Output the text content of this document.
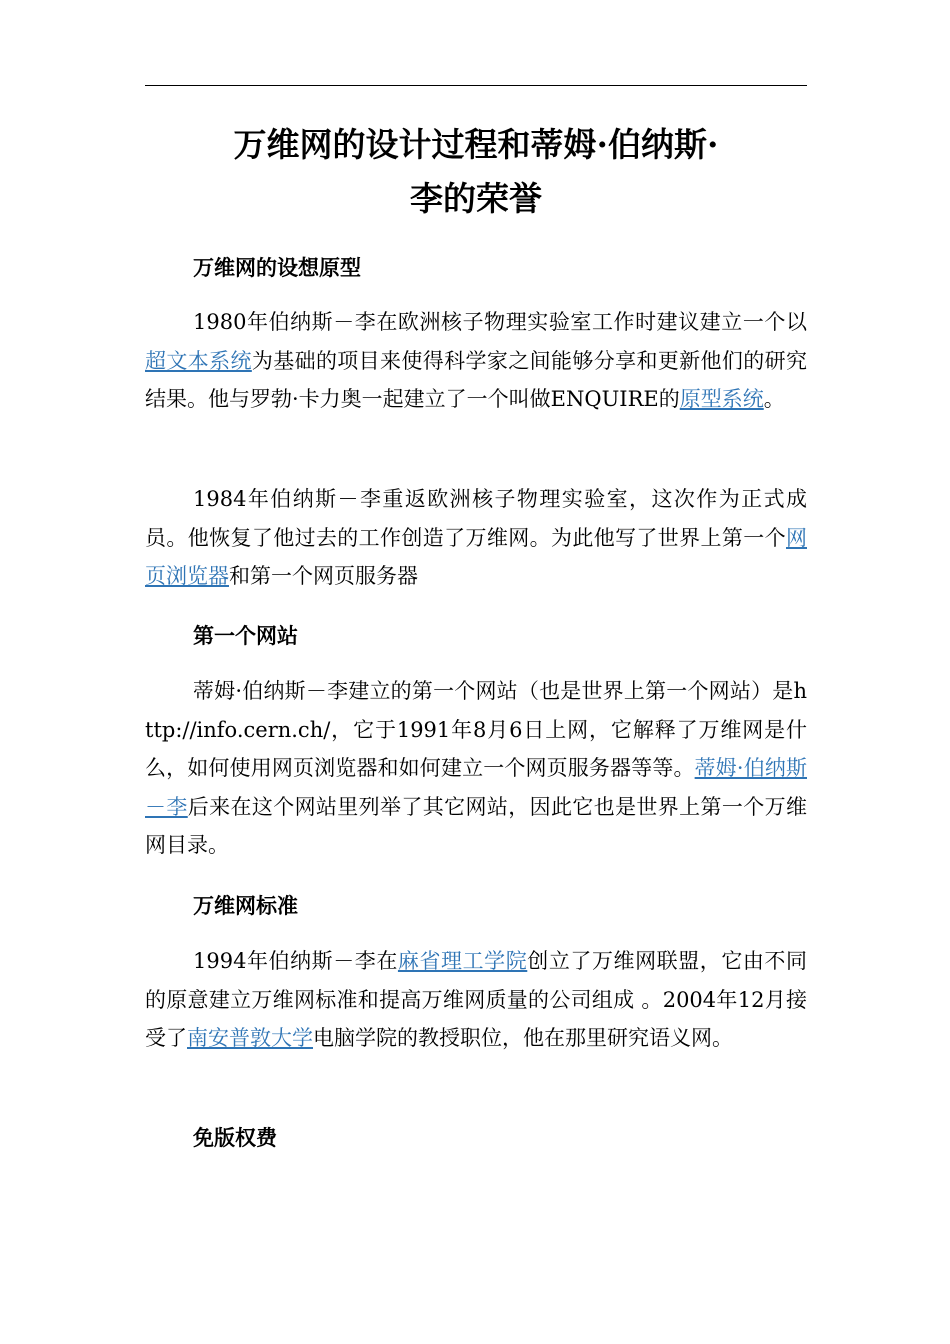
万维网的设计过程和蒂姆·伯纳斯·
李的荣誉
万维网的设想原型

1980年伯纳斯－李在欧洲核子物理实验室工作时建议建立一个以超文本系统为基础的项目来使得科学家之间能够分享和更新他们的研究结果。他与罗勃·卡力奥一起建立了一个叫做ENQUIRE的原型系统。

1984年伯纳斯－李重返欧洲核子物理实验室，这次作为正式成员。他恢复了他过去的工作创造了万维网。为此他写了世界上第一个网页浏览器和第一个网页服务器

第一个网站

蒂姆·伯纳斯－李建立的第一个网站（也是世界上第一个网站）是http://info.cern.ch/，它于1991年8月6日上网，它解释了万维网是什么，如何使用网页浏览器和如何建立一个网页服务器等等。蒂姆·伯纳斯－李后来在这个网站里列举了其它网站，因此它也是世界上第一个万维网目录。

万维网标准

1994年伯纳斯－李在麻省理工学院创立了万维网联盟，它由不同的原意建立万维网标准和提高万维网质量的公司组成 。2004年12月接受了南安普敦大学电脑学院的教授职位，他在那里研究语义网。

免版权费
